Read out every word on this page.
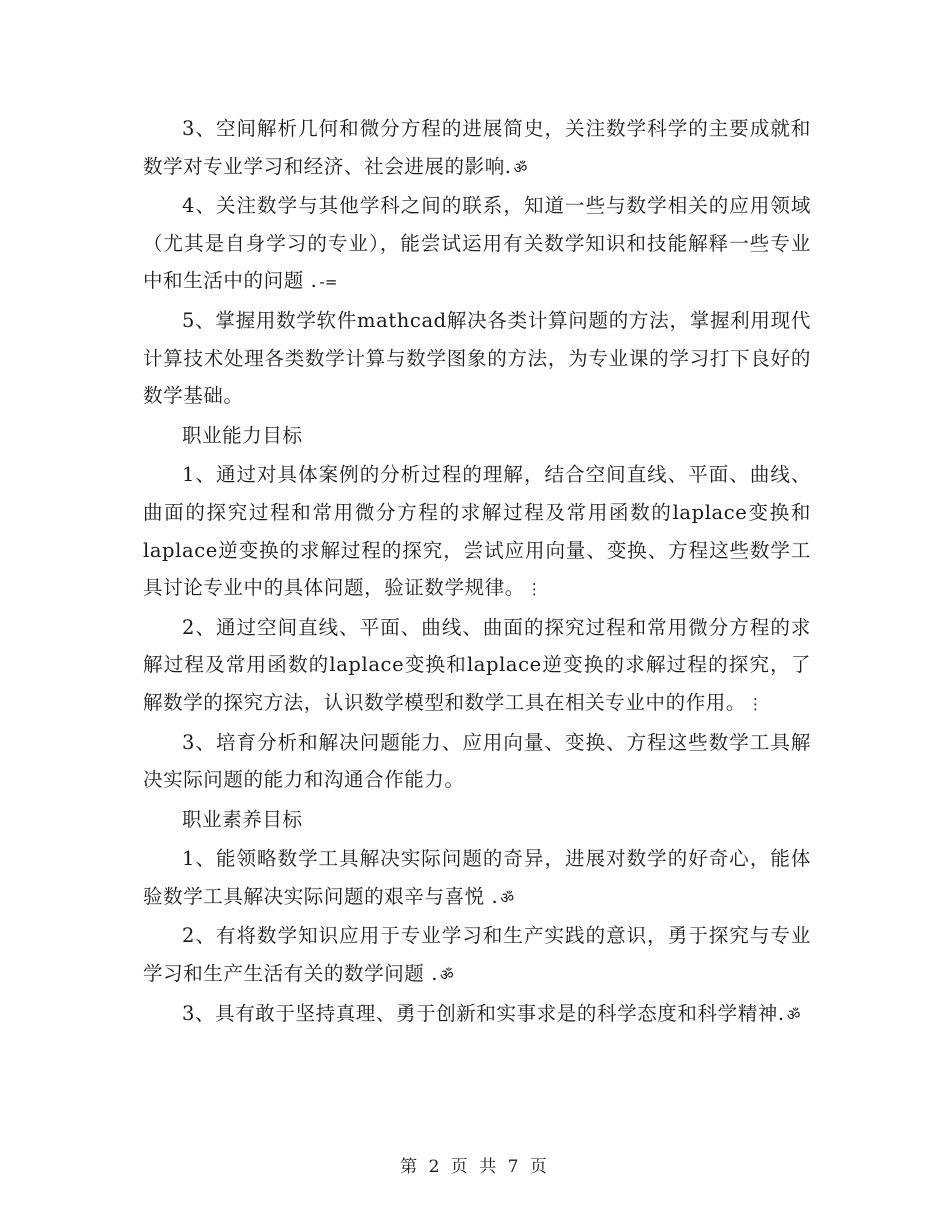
3、空间解析几何和微分方程的进展简史，关注数学科学的主要成就和数学对专业学习和经济、社会进展的影响. ॐ

4、关注数学与其他学科之间的联系，知道一些与数学相关的应用领域（尤其是自身学习的专业），能尝试运用有关数学知识和技能解释一些专业中和生活中的问题 . -=

5、掌握用数学软件mathcad解决各类计算问题的方法，掌握利用现代计算技术处理各类数学计算与数学图象的方法，为专业课的学习打下良好的数学基础。

职业能力目标

1、通过对具体案例的分析过程的理解，结合空间直线、平面、曲线、曲面的探究过程和常用微分方程的求解过程及常用函数的laplace变换和laplace逆变换的求解过程的探究，尝试应用向量、变换、方程这些数学工具讨论专业中的具体问题，验证数学规律。 ⋮

2、通过空间直线、平面、曲线、曲面的探究过程和常用微分方程的求解过程及常用函数的laplace变换和laplace逆变换的求解过程的探究，了解数学的探究方法，认识数学模型和数学工具在相关专业中的作用。 ⋮

3、培育分析和解决问题能力、应用向量、变换、方程这些数学工具解决实际问题的能力和沟通合作能力。

职业素养目标

1、能领略数学工具解决实际问题的奇异，进展对数学的好奇心，能体验数学工具解决实际问题的艰辛与喜悦 . ॐ

2、有将数学知识应用于专业学习和生产实践的意识，勇于探究与专业学习和生产生活有关的数学问题 . ॐ

3、具有敢于坚持真理、勇于创新和实事求是的科学态度和科学精神. ॐ

第 2 页 共 7 页
